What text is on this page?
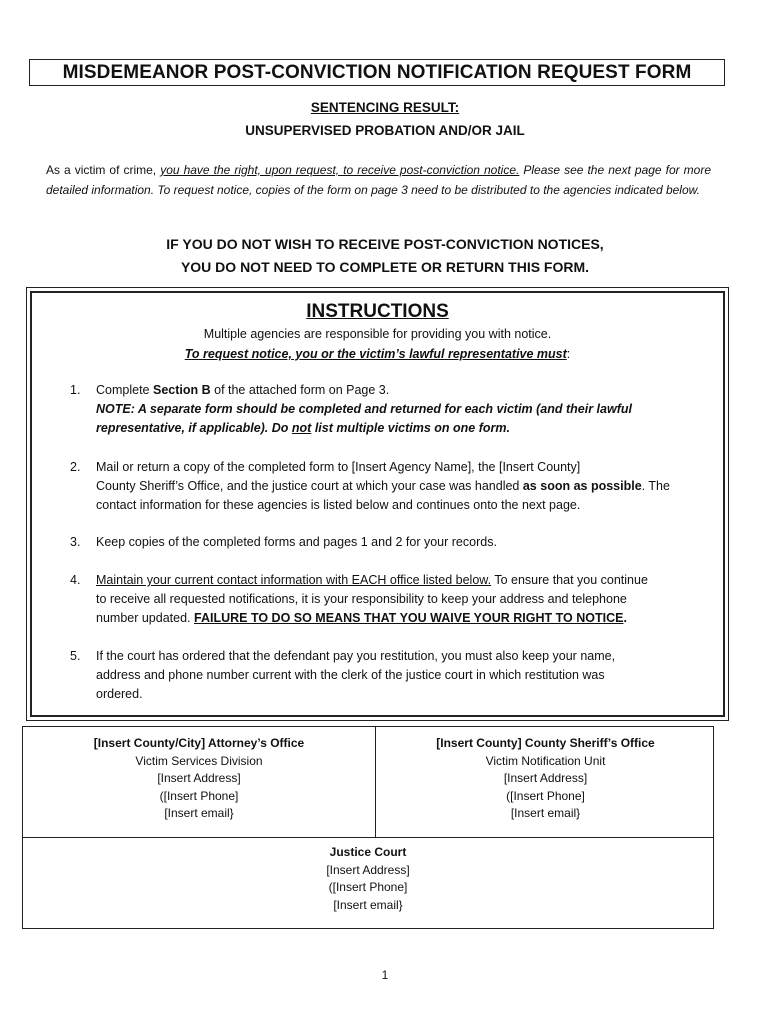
MISDEMEANOR POST-CONVICTION NOTIFICATION REQUEST FORM
SENTENCING RESULT:
UNSUPERVISED PROBATION AND/OR JAIL
As a victim of crime, you have the right, upon request, to receive post-conviction notice. Please see the next page for more detailed information. To request notice, copies of the form on page 3 need to be distributed to the agencies indicated below.
IF YOU DO NOT WISH TO RECEIVE POST-CONVICTION NOTICES,
YOU DO NOT NEED TO COMPLETE OR RETURN THIS FORM.
INSTRUCTIONS
Multiple agencies are responsible for providing you with notice.
To request notice, you or the victim’s lawful representative must:
1. Complete Section B of the attached form on Page 3.
NOTE: A separate form should be completed and returned for each victim (and their lawful
representative, if applicable). Do not list multiple victims on one form.
2. Mail or return a copy of the completed form to [Insert Agency Name], the [Insert County]
County Sheriff’s Office, and the justice court at which your case was handled as soon as possible. The
contact information for these agencies is listed below and continues onto the next page.
3. Keep copies of the completed forms and pages 1 and 2 for your records.
4. Maintain your current contact information with EACH office listed below. To ensure that you continue
to receive all requested notifications, it is your responsibility to keep your address and telephone
number updated. FAILURE TO DO SO MEANS THAT YOU WAIVE YOUR RIGHT TO NOTICE.
5. If the court has ordered that the defendant pay you restitution, you must also keep your name,
address and phone number current with the clerk of the justice court in which restitution was
ordered.
[Insert County/City] Attorney’s Office
Victim Services Division
[Insert Address]
([Insert Phone]
[Insert email}
[Insert County] County Sheriff’s Office
Victim Notification Unit
[Insert Address]
([Insert Phone]
[Insert email}
Justice Court
[Insert Address]
([Insert Phone]
[Insert email}
1
